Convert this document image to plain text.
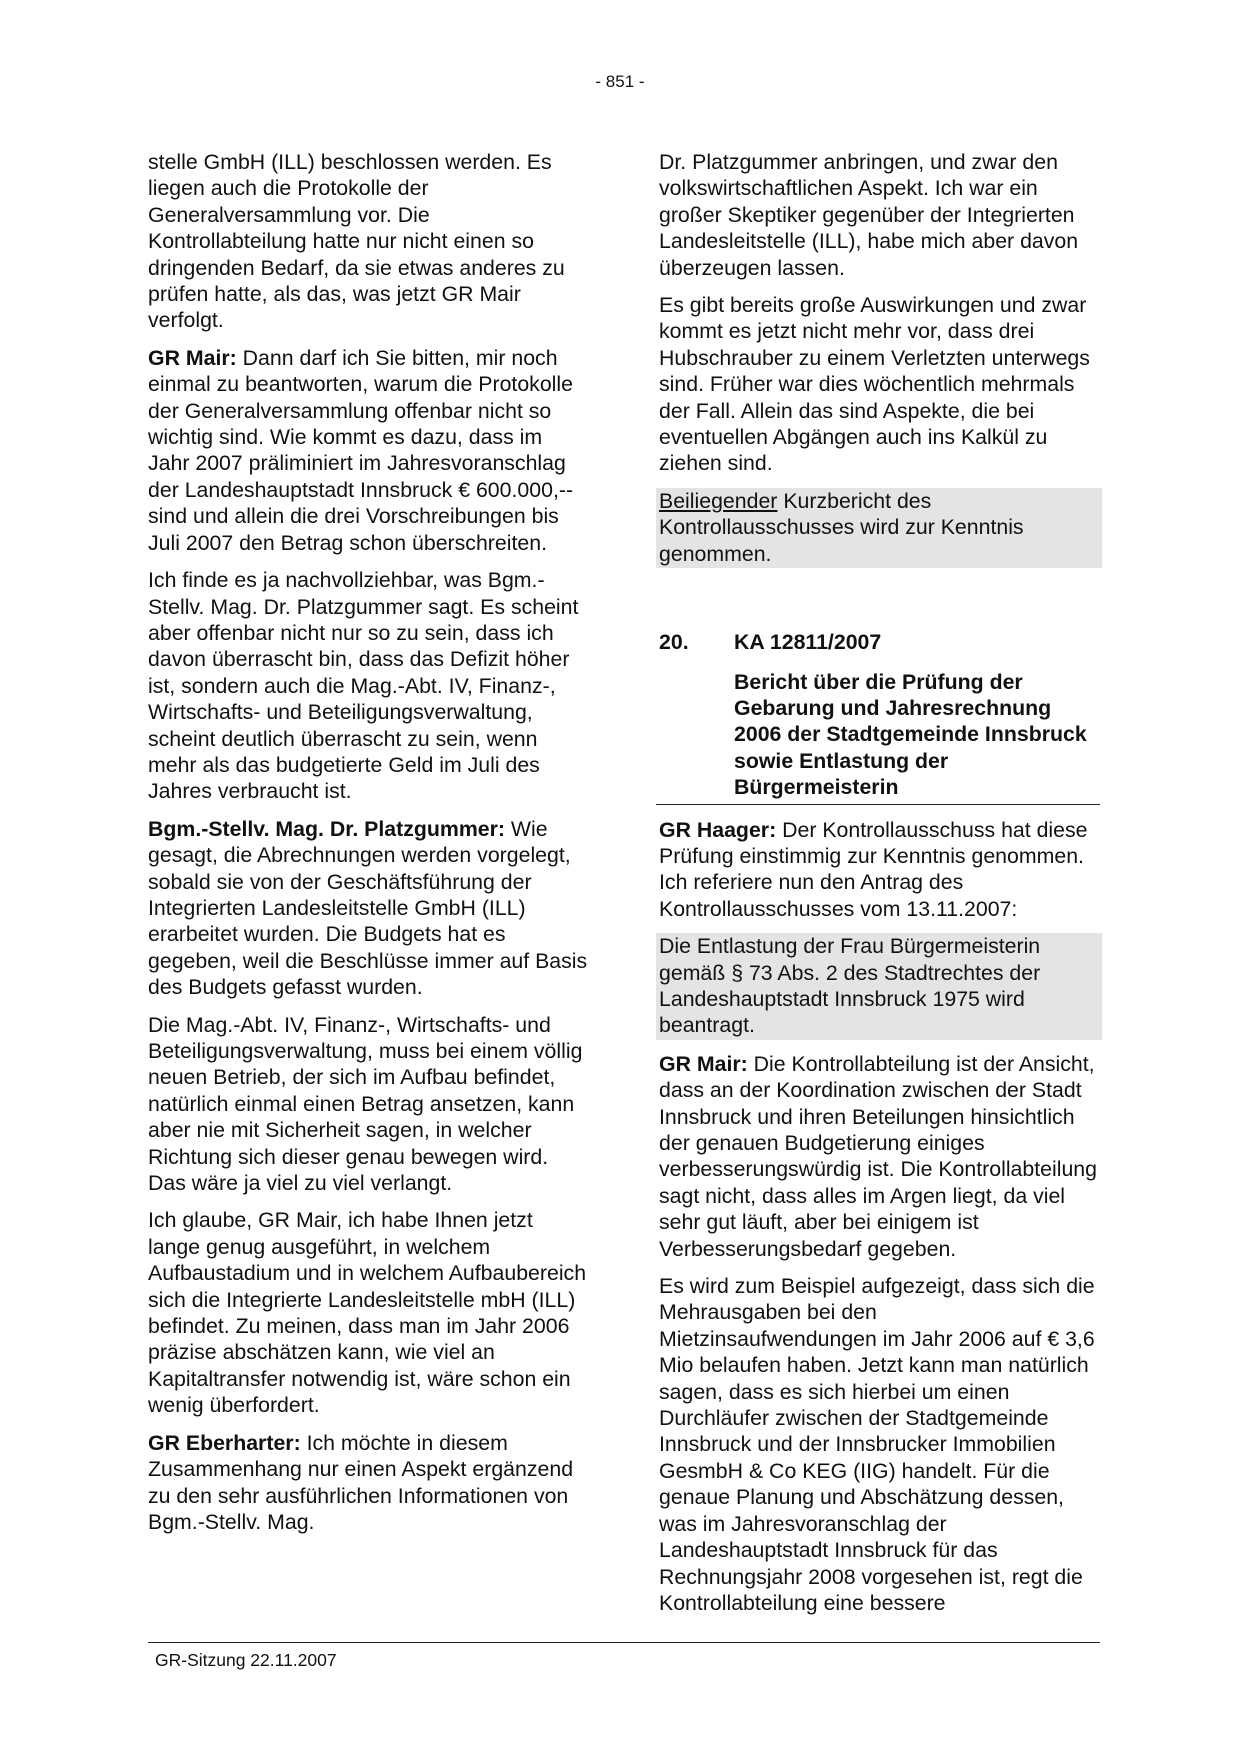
- 851 -

stelle GmbH (ILL) beschlossen werden. Es liegen auch die Protokolle der Generalversammlung vor. Die Kontrollabteilung hatte nur nicht einen so dringenden Bedarf, da sie etwas anderes zu prüfen hatte, als das, was jetzt GR Mair verfolgt.

GR Mair: Dann darf ich Sie bitten, mir noch einmal zu beantworten, warum die Protokolle der Generalversammlung offenbar nicht so wichtig sind. Wie kommt es dazu, dass im Jahr 2007 präliminiert im Jahresvoranschlag der Landeshauptstadt Innsbruck € 600.000,-- sind und allein die drei Vorschreibungen bis Juli 2007 den Betrag schon überschreiten.

Ich finde es ja nachvollziehbar, was Bgm.-Stellv. Mag. Dr. Platzgummer sagt. Es scheint aber offenbar nicht nur so zu sein, dass ich davon überrascht bin, dass das Defizit höher ist, sondern auch die Mag.-Abt. IV, Finanz-, Wirtschafts- und Beteiligungsverwaltung, scheint deutlich überrascht zu sein, wenn mehr als das budgetierte Geld im Juli des Jahres verbraucht ist.

Bgm.-Stellv. Mag. Dr. Platzgummer: Wie gesagt, die Abrechnungen werden vorgelegt, sobald sie von der Geschäftsführung der Integrierten Landesleitstelle GmbH (ILL) erarbeitet wurden. Die Budgets hat es gegeben, weil die Beschlüsse immer auf Basis des Budgets gefasst wurden.

Die Mag.-Abt. IV, Finanz-, Wirtschafts- und Beteiligungsverwaltung, muss bei einem völlig neuen Betrieb, der sich im Aufbau befindet, natürlich einmal einen Betrag ansetzen, kann aber nie mit Sicherheit sagen, in welcher Richtung sich dieser genau bewegen wird. Das wäre ja viel zu viel verlangt.

Ich glaube, GR Mair, ich habe Ihnen jetzt lange genug ausgeführt, in welchem Aufbaustadium und in welchem Aufbaubereich sich die Integrierte Landesleitstelle mbH (ILL) befindet. Zu meinen, dass man im Jahr 2006 präzise abschätzen kann, wie viel an Kapitaltransfer notwendig ist, wäre schon ein wenig überfordert.

GR Eberharter: Ich möchte in diesem Zusammenhang nur einen Aspekt ergänzend zu den sehr ausführlichen Informationen von Bgm.-Stellv. Mag.

Dr. Platzgummer anbringen, und zwar den volkswirtschaftlichen Aspekt. Ich war ein großer Skeptiker gegenüber der Integrierten Landesleitstelle (ILL), habe mich aber davon überzeugen lassen.

Es gibt bereits große Auswirkungen und zwar kommt es jetzt nicht mehr vor, dass drei Hubschrauber zu einem Verletzten unterwegs sind. Früher war dies wöchentlich mehrmals der Fall. Allein das sind Aspekte, die bei eventuellen Abgängen auch ins Kalkül zu ziehen sind.

Beiliegender Kurzbericht des Kontrollausschusses wird zur Kenntnis genommen.

20.	KA 12811/2007
Bericht über die Prüfung der Gebarung und Jahresrechnung 2006 der Stadtgemeinde Innsbruck sowie Entlastung der Bürgermeisterin

GR Haager: Der Kontrollausschuss hat diese Prüfung einstimmig zur Kenntnis genommen. Ich referiere nun den Antrag des Kontrollausschusses vom 13.11.2007:

Die Entlastung der Frau Bürgermeisterin gemäß § 73 Abs. 2 des Stadtrechtes der Landeshauptstadt Innsbruck 1975 wird beantragt.

GR Mair: Die Kontrollabteilung ist der Ansicht, dass an der Koordination zwischen der Stadt Innsbruck und ihren Beteilungen hinsichtlich der genauen Budgetierung einiges verbesserungswürdig ist. Die Kontrollabteilung sagt nicht, dass alles im Argen liegt, da viel sehr gut läuft, aber bei einigem ist Verbesserungsbedarf gegeben.

Es wird zum Beispiel aufgezeigt, dass sich die Mehrausgaben bei den Mietzinsaufwendungen im Jahr 2006 auf € 3,6 Mio belaufen haben. Jetzt kann man natürlich sagen, dass es sich hierbei um einen Durchläufer zwischen der Stadtgemeinde Innsbruck und der Innsbrucker Immobilien GesmbH & Co KEG (IIG) handelt. Für die genaue Planung und Abschätzung dessen, was im Jahresvoranschlag der Landeshauptstadt Innsbruck für das Rechnungsjahr 2008 vorgesehen ist, regt die Kontrollabteilung eine bessere

GR-Sitzung 22.11.2007
